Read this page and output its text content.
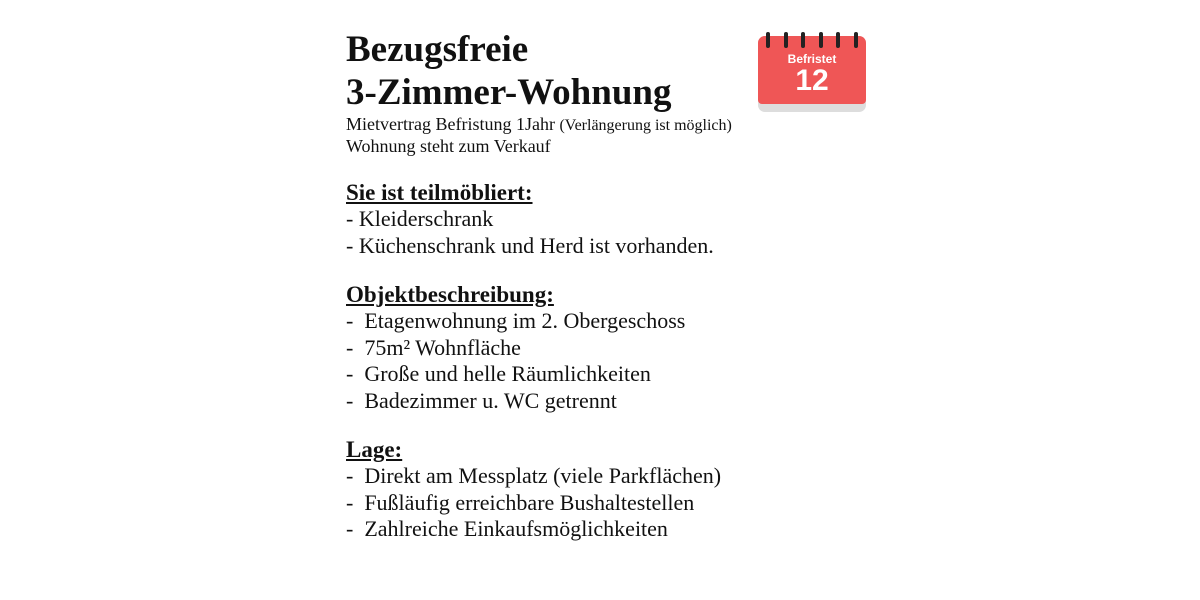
Bezugsfreie
3-Zimmer-Wohnung
Mietvertrag Befristung 1Jahr (Verlängerung ist möglich)
Wohnung steht zum Verkauf
Sie ist teilmöbliert:
- Kleiderschrank
- Küchenschrank und Herd ist vorhanden.
Objektbeschreibung:
-  Etagenwohnung im 2. Obergeschoss
-  75m² Wohnfläche
-  Große und helle Räumlichkeiten
-  Badezimmer u. WC getrennt
Lage:
-  Direkt am Messplatz (viele Parkflächen)
-  Fußläufig erreichbare Bushaltestellen
-  Zahlreiche Einkaufsmöglichkeiten
Befristet
12
